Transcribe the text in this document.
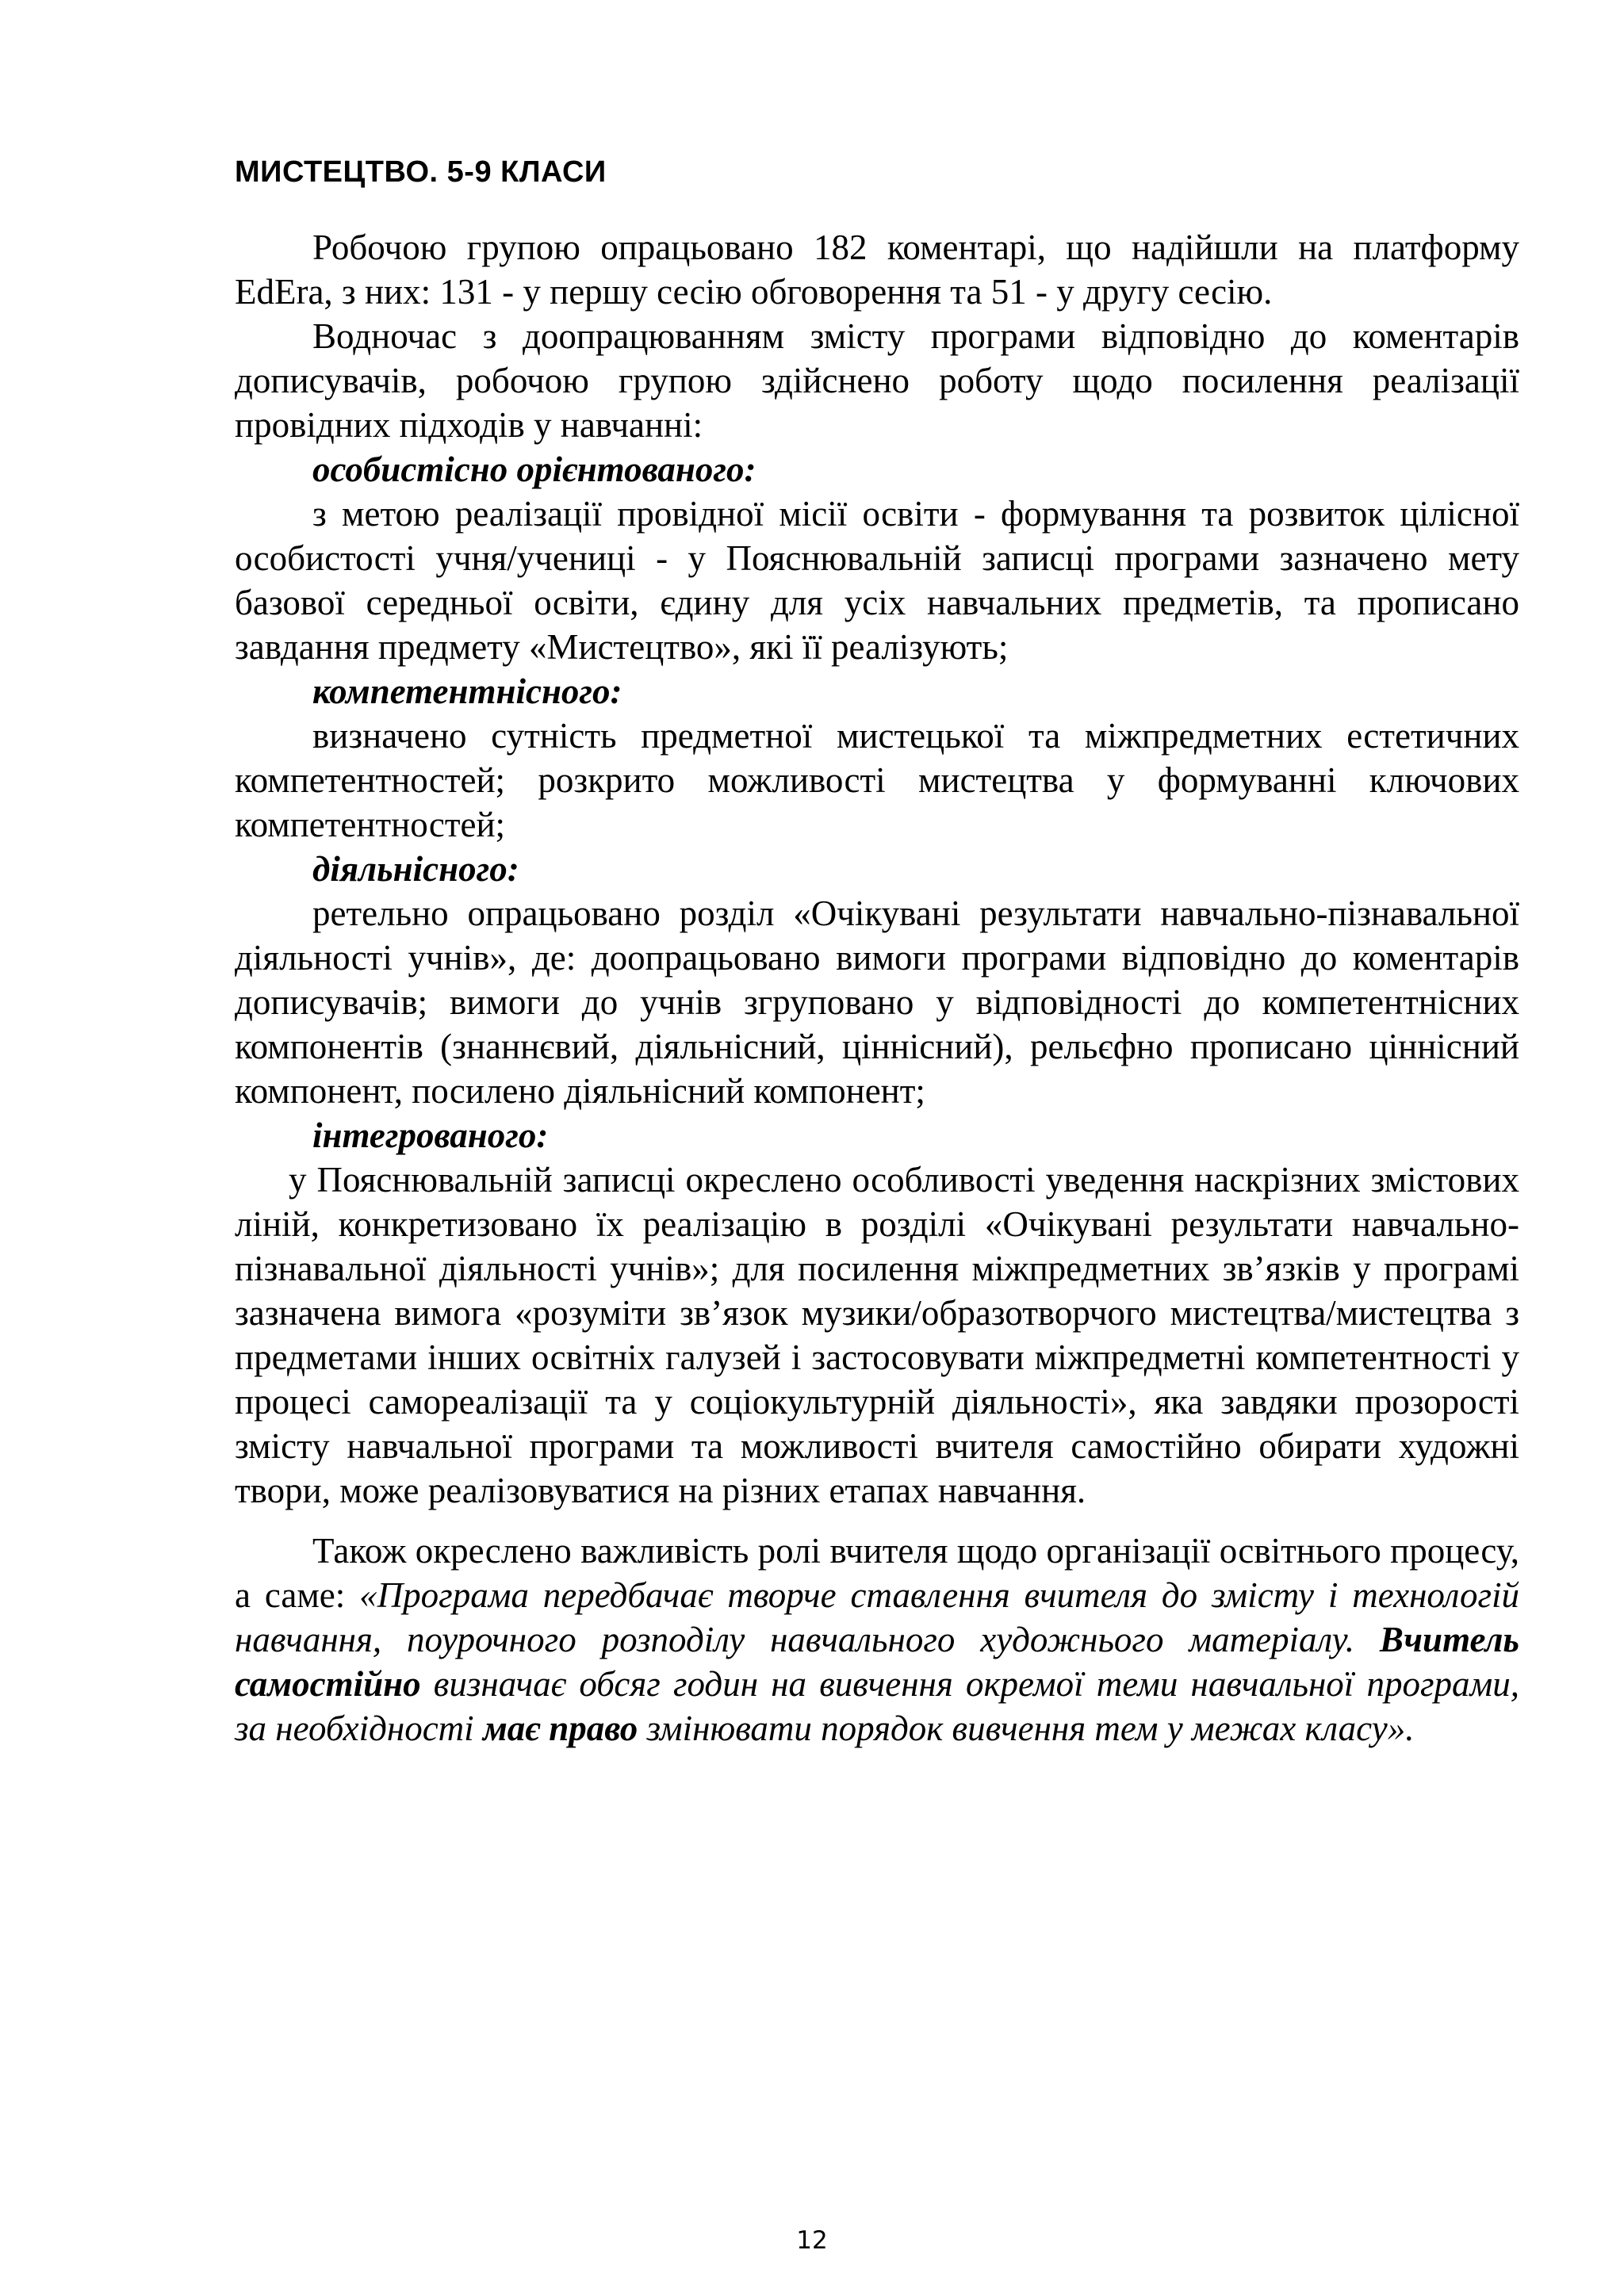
МИСТЕЦТВО. 5-9 КЛАСИ

Робочою групою опрацьовано 182 коментарі, що надійшли на платформу EdEra, з них: 131 - у першу сесію обговорення та 51 - у другу сесію.

Водночас з доопрацюванням змісту програми відповідно до коментарів дописувачів, робочою групою здійснено роботу щодо посилення реалізації провідних підходів у навчанні:

особистісно орієнтованого:

з метою реалізації провідної місії освіти - формування та розвиток цілісної особистості учня/учениці - у Пояснювальній записці програми зазначено мету базової середньої освіти, єдину для усіх навчальних предметів, та прописано завдання предмету «Мистецтво», які її реалізують;

компетентнісного:

визначено сутність предметної мистецької та міжпредметних естетичних компетентностей; розкрито можливості мистецтва у формуванні ключових компетентностей;

діяльнісного:

ретельно опрацьовано розділ «Очікувані результати навчально-пізнавальної діяльності учнів», де: доопрацьовано вимоги програми відповідно до коментарів дописувачів; вимоги до учнів згруповано у відповідності до компетентнісних компонентів (знаннєвий, діяльнісний, ціннісний), рельєфно прописано ціннісний компонент, посилено діяльнісний компонент;

інтегрованого:

у Пояснювальній записці окреслено особливості уведення наскрізних змістових ліній, конкретизовано їх реалізацію в розділі «Очікувані результати навчально-пізнавальної діяльності учнів»; для посилення міжпредметних зв’язків у програмі зазначена вимога «розуміти зв’язок музики/образотворчого мистецтва/мистецтва з предметами інших освітніх галузей і застосовувати міжпредметні компетентності у процесі самореалізації та у соціокультурній діяльності», яка завдяки прозорості змісту навчальної програми та можливості вчителя самостійно обирати художні твори, може реалізовуватися на різних етапах навчання.

Також окреслено важливість ролі вчителя щодо організації освітнього процесу, а саме: «Програма передбачає творче ставлення вчителя до змісту і технологій навчання, поурочного розподілу навчального художнього матеріалу. Вчитель самостійно визначає обсяг годин на вивчення окремої теми навчальної програми, за необхідності має право змінювати порядок вивчення тем у межах класу».

12
